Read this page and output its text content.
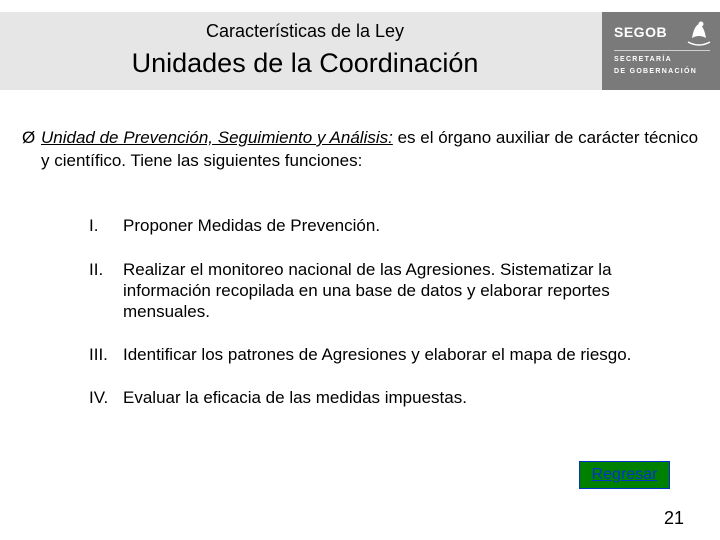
Características de la Ley
Unidades de la Coordinación
SEGOB
SECRETARÍA
DE GOBERNACIÓN
Ø Unidad de Prevención, Seguimiento y Análisis: es el órgano auxiliar de carácter técnico y científico. Tiene las siguientes funciones:
I. Proponer Medidas de Prevención.
II. Realizar el monitoreo nacional de las Agresiones. Sistematizar la información recopilada en una base de datos y elaborar reportes mensuales.
III. Identificar los patrones de Agresiones y elaborar el mapa de riesgo.
IV. Evaluar la eficacia de las medidas impuestas.
Regresar
21
